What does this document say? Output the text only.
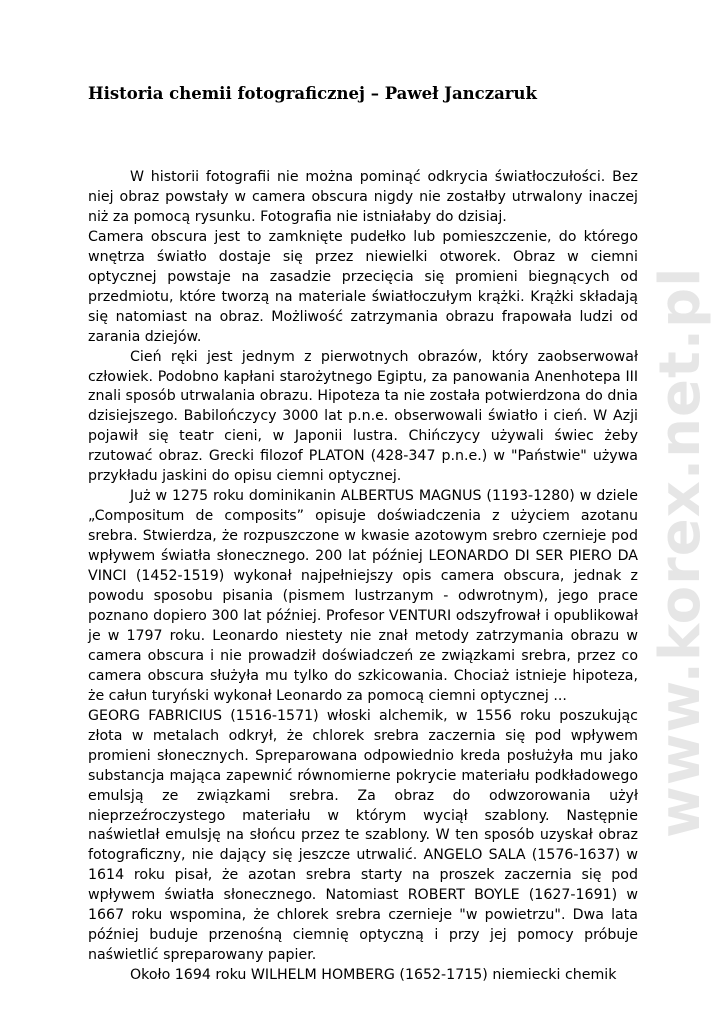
www.korex.net.pl
Historia chemii fotograficznej – Paweł Janczaruk

W historii fotografii nie można pominąć odkrycia światłoczułości. Bez niej obraz powstały w camera obscura nigdy nie zostałby utrwalony inaczej niż za pomocą rysunku. Fotografia nie istniałaby do dzisiaj.

Camera obscura jest to zamknięte pudełko lub pomieszczenie, do którego wnętrza światło dostaje się przez niewielki otworek. Obraz w ciemni optycznej powstaje na zasadzie przecięcia się promieni biegnących od przedmiotu, które tworzą na materiale światłoczułym krążki. Krążki składają się natomiast na obraz. Możliwość zatrzymania obrazu frapowała ludzi od zarania dziejów.

Cień ręki jest jednym z pierwotnych obrazów, który zaobserwował człowiek. Podobno kapłani starożytnego Egiptu, za panowania Anenhotepa III znali sposób utrwalania obrazu. Hipoteza ta nie została potwierdzona do dnia dzisiejszego. Babilończycy 3000 lat p.n.e. obserwowali światło i cień. W Azji pojawił się teatr cieni, w Japonii lustra. Chińczycy używali świec żeby rzutować obraz. Grecki filozof PLATON (428-347 p.n.e.) w "Państwie" używa przykładu jaskini do opisu ciemni optycznej.

Już w 1275 roku dominikanin ALBERTUS MAGNUS (1193-1280) w dziele „Compositum de composits” opisuje doświadczenia z użyciem azotanu srebra. Stwierdza, że rozpuszczone w kwasie azotowym srebro czernieje pod wpływem światła słonecznego. 200 lat później LEONARDO DI SER PIERO DA VINCI (1452-1519) wykonał najpełniejszy opis camera obscura, jednak z powodu sposobu pisania (pismem lustrzanym - odwrotnym), jego prace poznano dopiero 300 lat później. Profesor VENTURI odszyfrował i opublikował je w 1797 roku. Leonardo niestety nie znał metody zatrzymania obrazu w camera obscura i nie prowadził doświadczeń ze związkami srebra, przez co camera obscura służyła mu tylko do szkicowania. Chociaż istnieje hipoteza, że całun turyński wykonał Leonardo za pomocą ciemni optycznej ...

GEORG FABRICIUS (1516-1571) włoski alchemik, w 1556 roku poszukując złota w metalach odkrył, że chlorek srebra zaczernia się pod wpływem promieni słonecznych. Spreparowana odpowiednio kreda posłużyła mu jako substancja mająca zapewnić równomierne pokrycie materiału podkładowego emulsją ze związkami srebra. Za obraz do odwzorowania użył nieprzeźroczystego materiału w którym wyciął szablony. Następnie naświetlał emulsję na słońcu przez te szablony. W ten sposób uzyskał obraz fotograficzny, nie dający się jeszcze utrwalić. ANGELO SALA (1576-1637) w 1614 roku pisał, że azotan srebra starty na proszek zaczernia się pod wpływem światła słonecznego. Natomiast ROBERT BOYLE (1627-1691) w 1667 roku wspomina, że chlorek srebra czernieje "w powietrzu". Dwa lata później buduje przenośną ciemnię optyczną i przy jej pomocy próbuje naświetlić spreparowany papier.

Około 1694 roku WILHELM HOMBERG (1652-1715) niemiecki chemik
